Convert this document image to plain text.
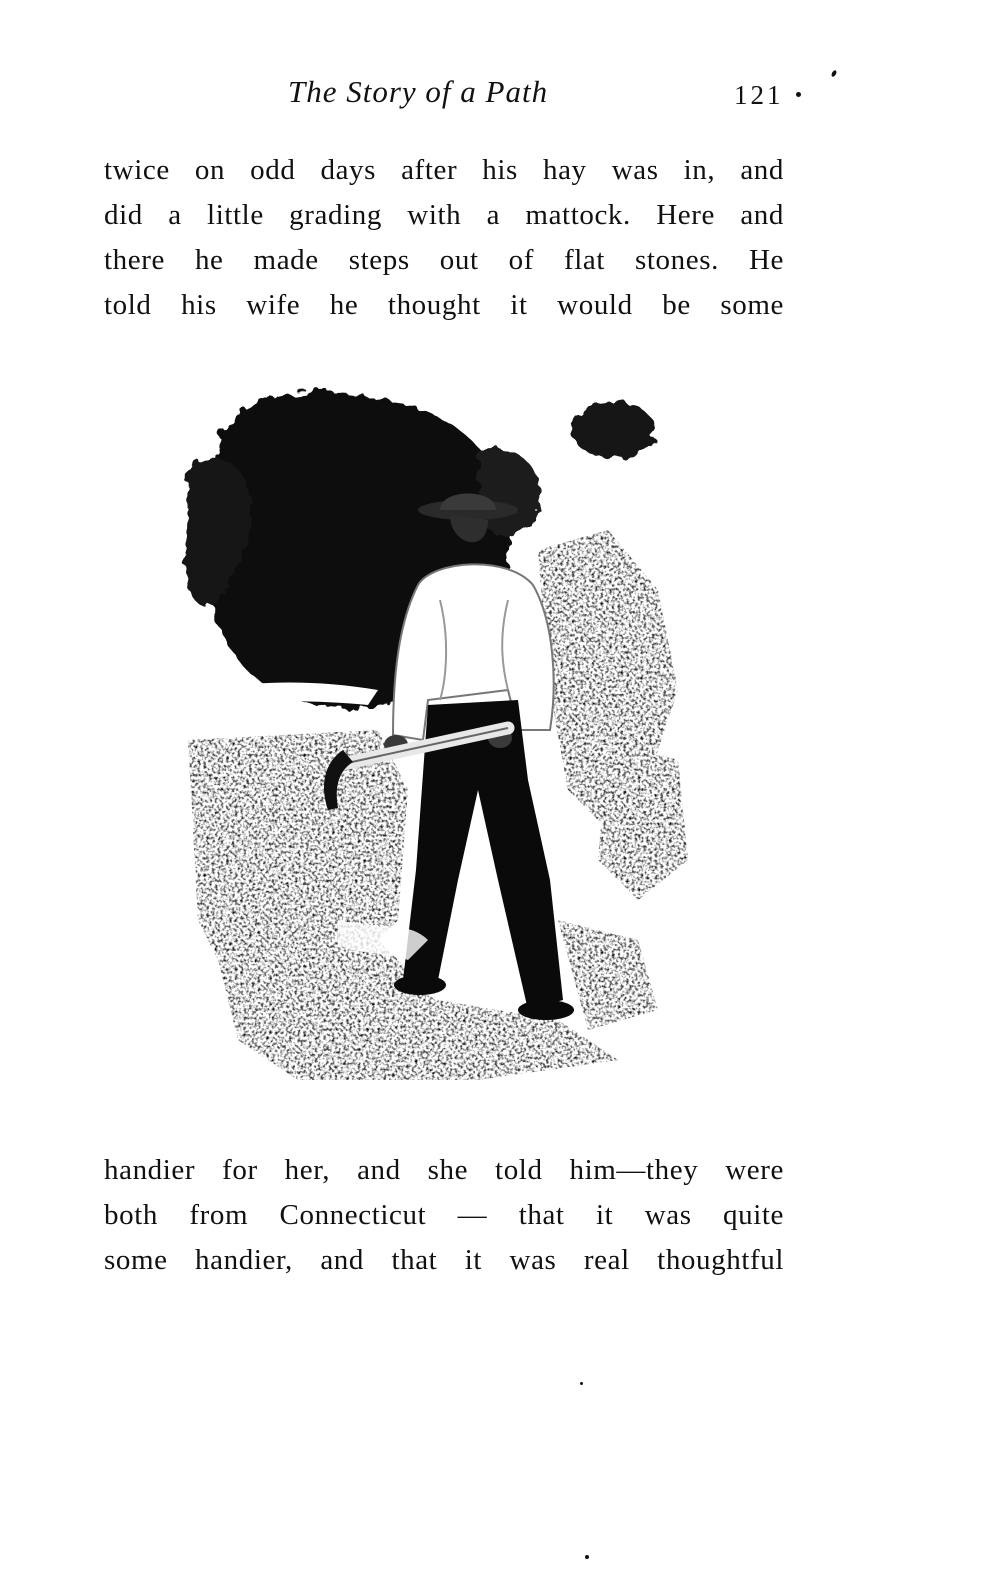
The Story of a Path	121
twice on odd days after his hay was in, and
did a little grading with a mattock. Here and
there he made steps out of flat stones. He
told his wife he thought it would be some
handier for her, and she told him—they were
both from Connecticut — that it was quite
some handier, and that it was real thoughtful
